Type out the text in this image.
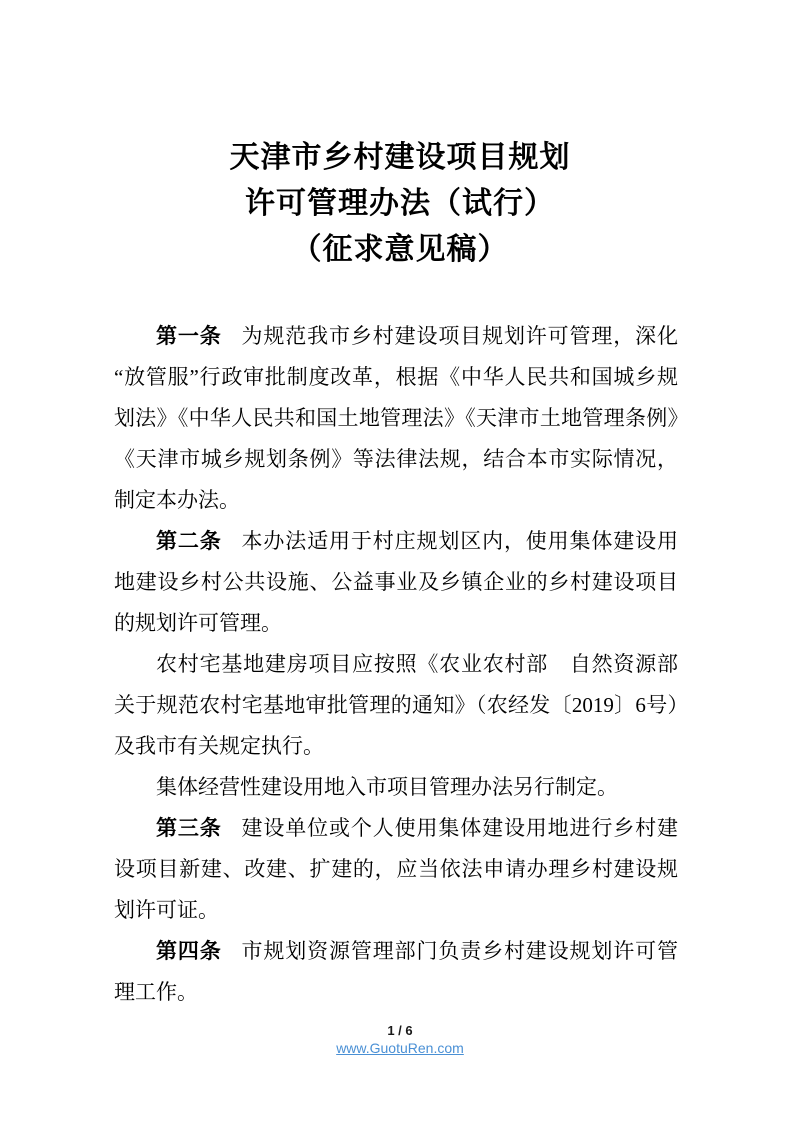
天津市乡村建设项目规划
许可管理办法（试行）
（征求意见稿）

第一条 为规范我市乡村建设项目规划许可管理，深化“放管服”行政审批制度改革，根据《中华人民共和国城乡规划法》《中华人民共和国土地管理法》《天津市土地管理条例》《天津市城乡规划条例》等法律法规，结合本市实际情况，制定本办法。

第二条 本办法适用于村庄规划区内，使用集体建设用地建设乡村公共设施、公益事业及乡镇企业的乡村建设项目的规划许可管理。

农村宅基地建房项目应按照《农业农村部　自然资源部关于规范农村宅基地审批管理的通知》（农经发〔2019〕6号）及我市有关规定执行。

集体经营性建设用地入市项目管理办法另行制定。

第三条 建设单位或个人使用集体建设用地进行乡村建设项目新建、改建、扩建的，应当依法申请办理乡村建设规划许可证。

第四条 市规划资源管理部门负责乡村建设规划许可管理工作。

1 / 6
www.GuotuRen.com
